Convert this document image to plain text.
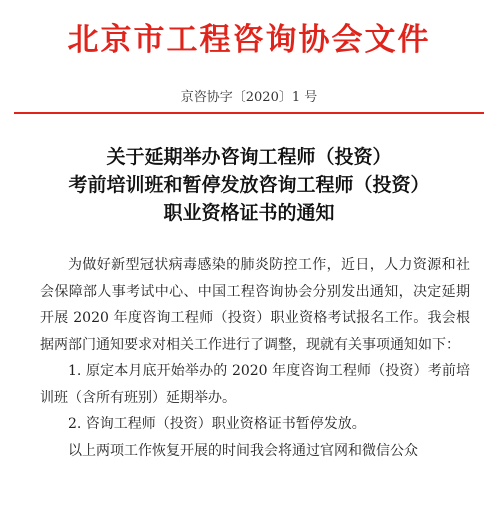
北京市工程咨询协会文件
京咨协字〔2020〕1 号
关于延期举办咨询工程师（投资）
考前培训班和暂停发放咨询工程师（投资）
职业资格证书的通知

为做好新型冠状病毒感染的肺炎防控工作，近日，人力资源和社会保障部人事考试中心、中国工程咨询协会分别发出通知，决定延期开展 2020 年度咨询工程师（投资）职业资格考试报名工作。我会根据两部门通知要求对相关工作进行了调整，现就有关事项通知如下：

1. 原定本月底开始举办的 2020 年度咨询工程师（投资）考前培训班（含所有班别）延期举办。

2. 咨询工程师（投资）职业资格证书暂停发放。

以上两项工作恢复开展的时间我会将通过官网和微信公众
